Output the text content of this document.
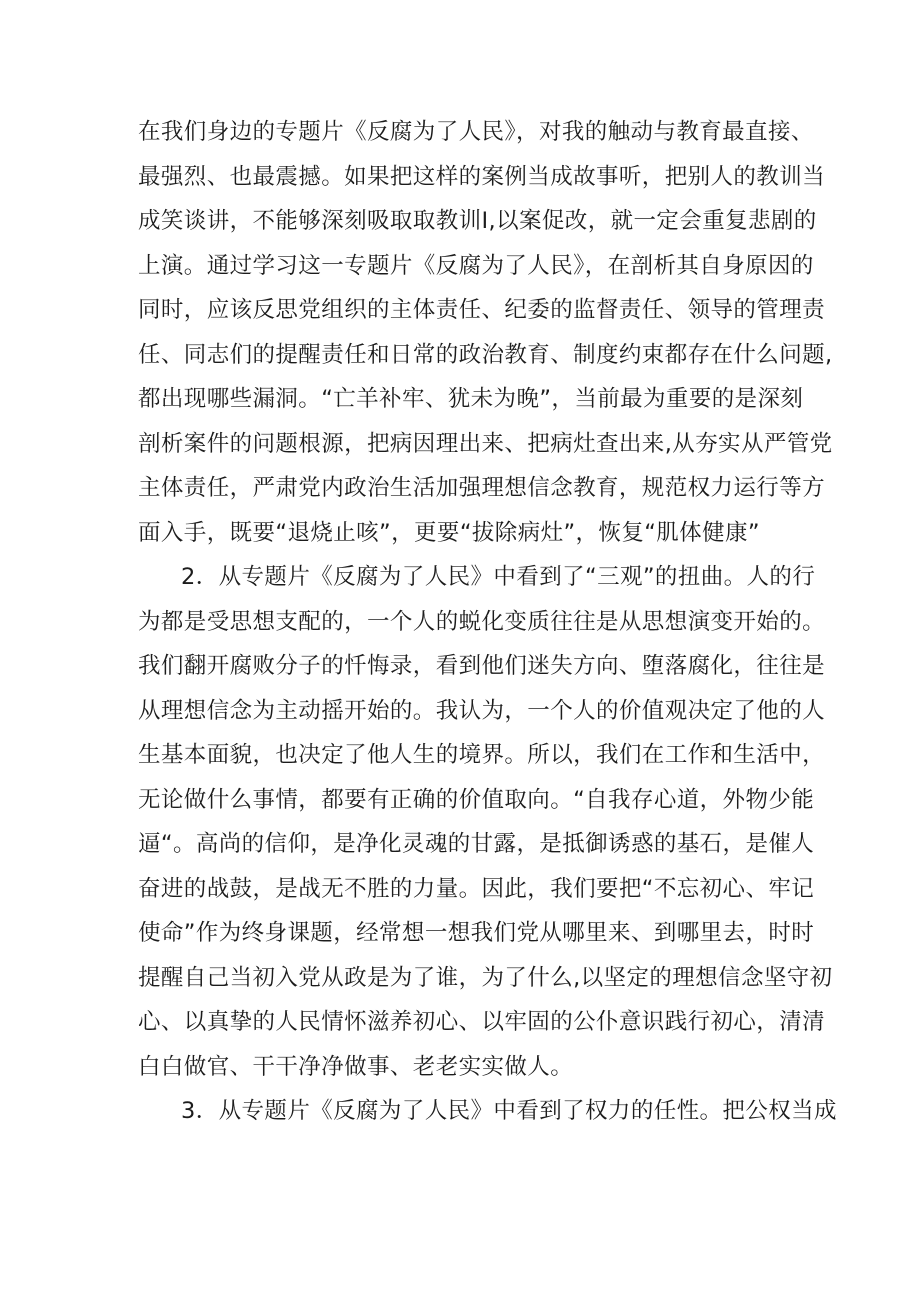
在我们身边的专题片《反腐为了人民》，对我的触动与教育最直接、
最强烈、也最震撼。如果把这样的案例当成故事听，把别人的教训当
成笑谈讲，不能够深刻吸取取教训I,以案促改，就一定会重复悲剧的
上演。通过学习这一专题片《反腐为了人民》，在剖析其自身原因的
同时，应该反思党组织的主体责任、纪委的监督责任、领导的管理责
任、同志们的提醒责任和日常的政治教育、制度约束都存在什么问题,
都出现哪些漏洞。“亡羊补牢、犹未为晚”，当前最为重要的是深刻
剖析案件的问题根源，把病因理出来、把病灶查出来,从夯实从严管党
主体责任，严肃党内政治生活加强理想信念教育，规范权力运行等方
面入手，既要“退烧止咳”，更要“拔除病灶”，恢复“肌体健康”
2．从专题片《反腐为了人民》中看到了“三观”的扭曲。人的行
为都是受思想支配的，一个人的蜕化变质往往是从思想演变开始的。
我们翻开腐败分子的忏悔录，看到他们迷失方向、堕落腐化，往往是
从理想信念为主动摇开始的。我认为，一个人的价值观决定了他的人
生基本面貌，也决定了他人生的境界。所以，我们在工作和生活中，
无论做什么事情，都要有正确的价值取向。“自我存心道，外物少能
逼“。高尚的信仰，是净化灵魂的甘露，是抵御诱惑的基石，是催人
奋进的战鼓，是战无不胜的力量。因此，我们要把“不忘初心、牢记
使命”作为终身课题，经常想一想我们党从哪里来、到哪里去，时时
提醒自己当初入党从政是为了谁，为了什么,以坚定的理想信念坚守初
心、以真挚的人民情怀滋养初心、以牢固的公仆意识践行初心，清清
白白做官、干干净净做事、老老实实做人。
3．从专题片《反腐为了人民》中看到了权力的任性。把公权当成
